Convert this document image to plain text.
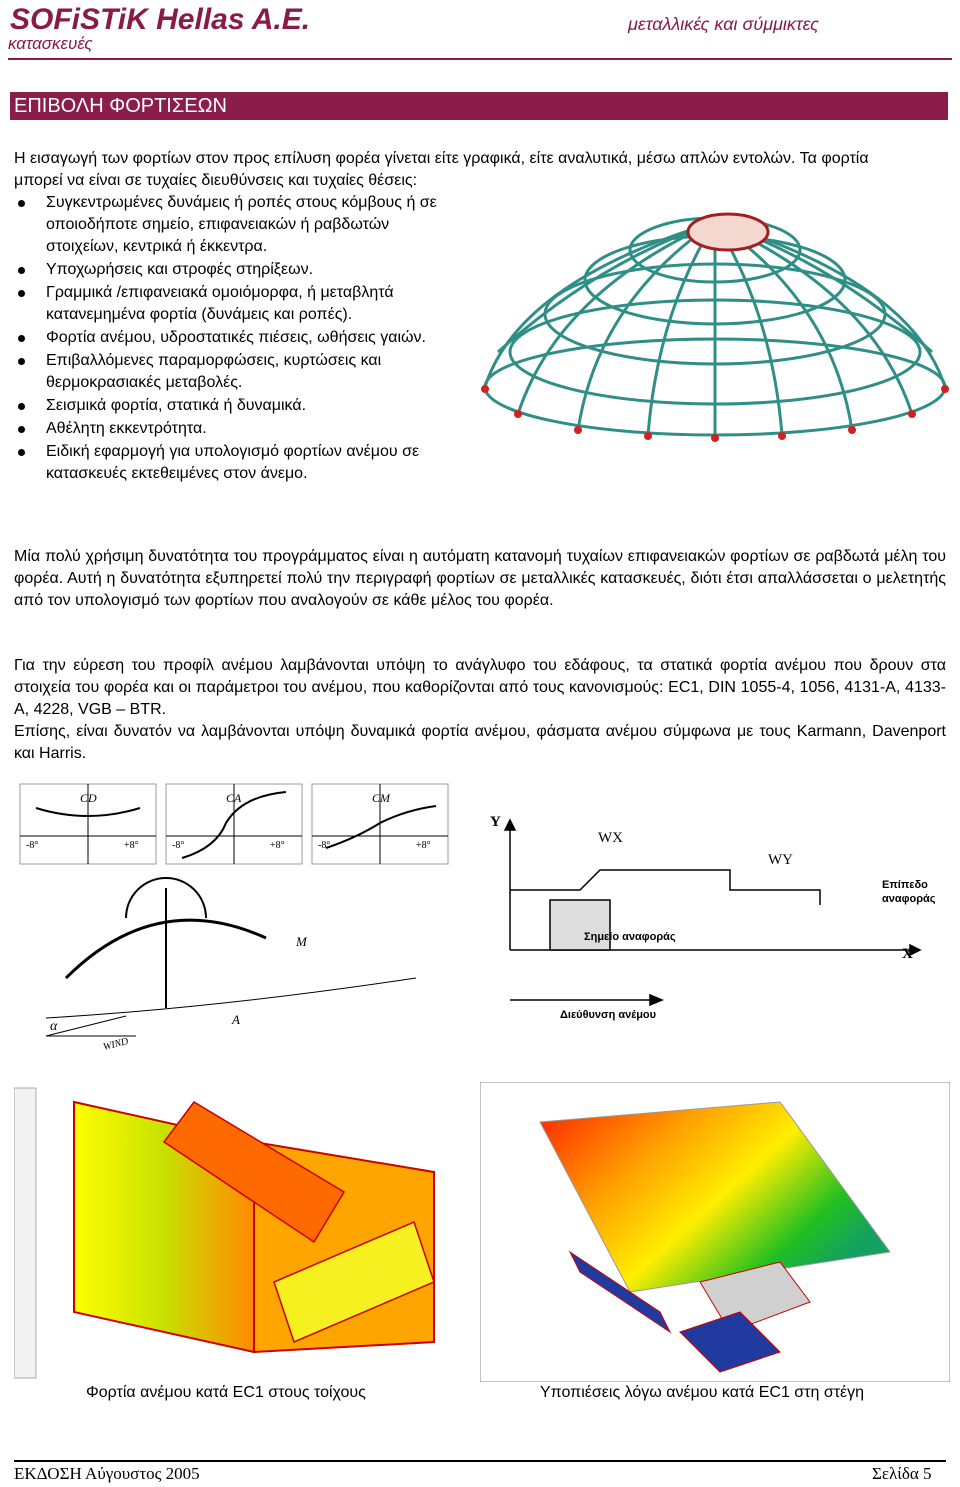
SOFiSTiK Hellas A.E.
κατασκευές
μεταλλικές και σύμμικτες
ΕΠΙΒΟΛΗ ΦΟΡΤΙΣΕΩΝ
Η εισαγωγή των φορτίων στον προς επίλυση φορέα γίνεται είτε γραφικά, είτε αναλυτικά, μέσω απλών εντολών. Τα φορτία μπορεί να είναι σε τυχαίες διευθύνσεις και τυχαίες θέσεις:
Συγκεντρωμένες δυνάμεις ή ροπές στους κόμβους ή σε οποιοδήποτε σημείο, επιφανειακών ή ραβδωτών στοιχείων, κεντρικά ή έκκεντρα.
Υποχωρήσεις και στροφές στηρίξεων.
Γραμμικά /επιφανειακά ομοιόμορφα, ή μεταβλητά κατανεμημένα φορτία (δυνάμεις και ροπές).
Φορτία ανέμου, υδροστατικές πιέσεις, ωθήσεις γαιών.
Επιβαλλόμενες παραμορφώσεις, κυρτώσεις και θερμοκρασιακές μεταβολές.
Σεισμικά φορτία, στατικά ή δυναμικά.
Αθέλητη εκκεντρότητα.
Ειδική εφαρμογή για υπολογισμό φορτίων ανέμου σε κατασκευές εκτεθειμένες στον άνεμο.
Μία πολύ χρήσιμη δυνατότητα του προγράμματος είναι η αυτόματη κατανομή τυχαίων επιφανειακών φορτίων σε ραβδωτά μέλη του φορέα. Αυτή η δυνατότητα εξυπηρετεί πολύ την περιγραφή φορτίων σε μεταλλικές κατασκευές, διότι έτσι απαλλάσσεται ο μελετητής από τον υπολογισμό των φορτίων που αναλογούν σε κάθε μέλος του φορέα.
Για την εύρεση του προφίλ ανέμου λαμβάνονται υπόψη το ανάγλυφο του εδάφους, τα στατικά φορτία ανέμου που δρουν στα στοιχεία του φορέα και οι παράμετροι του ανέμου, που καθορίζονται από τους κανονισμούς: EC1, DIN 1055-4, 1056, 4131-A, 4133-A, 4228, VGB – BTR.
Επίσης, είναι δυνατόν να λαμβάνονται υπόψη δυναμικά φορτία ανέμου, φάσματα ανέμου σύμφωνα με τους Karmann, Davenport και Harris.
CD	CA	CM
-8°	+8°	-8°	+8°	-8°	+8°
M
α	A
WIND
Y
X
WX
WY
Επίπεδο
αναφοράς
Σημείο αναφοράς
Διεύθυνση ανέμου
Φορτία ανέμου κατά EC1 στους τοίχους	Υποπιέσεις λόγω ανέμου κατά EC1 στη στέγη
ΕΚΔΟΣΗ Αύγουστος 2005	Σελίδα 5
